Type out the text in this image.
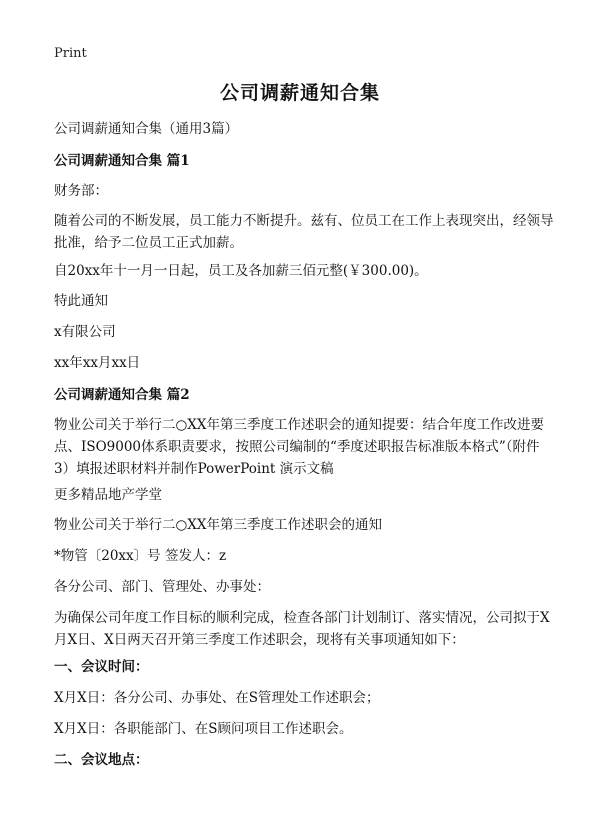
Print
公司调薪通知合集
公司调薪通知合集（通用3篇）
公司调薪通知合集 篇1
财务部：
随着公司的不断发展，员工能力不断提升。兹有、位员工在工作上表现突出，经领导批准，给予二位员工正式加薪。
自20xx年十一月一日起，员工及各加薪三佰元整(￥300.00)。
特此通知
x有限公司
xx年xx月xx日
公司调薪通知合集 篇2
物业公司关于举行二○XX年第三季度工作述职会的通知提要：结合年度工作改进要点、ISO9000体系职责要求，按照公司编制的“季度述职报告标准版本格式”（附件3）填报述职材料并制作PowerPoint 演示文稿
更多精品地产学堂
物业公司关于举行二○XX年第三季度工作述职会的通知
*物管〔20xx〕号 签发人：z
各分公司、部门、管理处、办事处：
为确保公司年度工作目标的顺利完成，检查各部门计划制订、落实情况，公司拟于X月X日、X日两天召开第三季度工作述职会，现将有关事项通知如下：
一、会议时间：
X月X日：各分公司、办事处、在S管理处工作述职会；
X月X日：各职能部门、在S顾问项目工作述职会。
二、会议地点：
